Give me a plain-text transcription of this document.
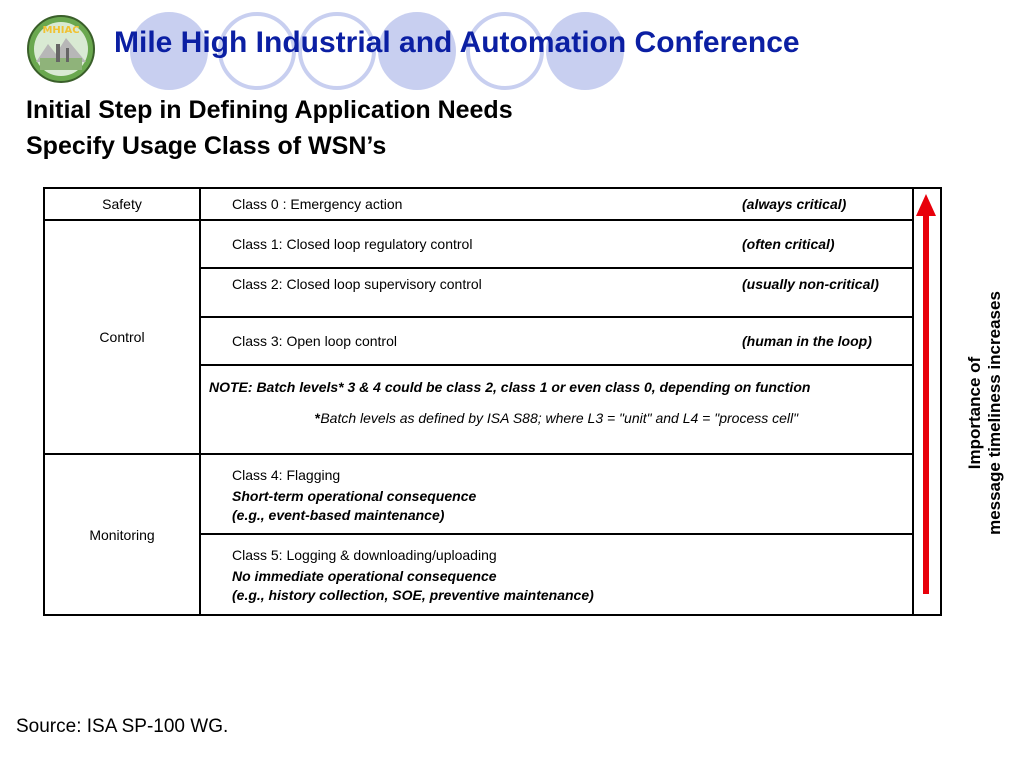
MHIAC Mile High Industrial and Automation Conference
Initial Step in Defining Application Needs
Specify Usage Class of WSN’s
Safety	Class 0 : Emergency action (always critical)	

Control	Class 1: Closed loop regulatory control (often critical)	

	Class 2: Closed loop supervisory control (usually non-critical)	

	Class 3: Open loop control (human in the loop)	

	NOTE: Batch levels* 3 & 4 could be class 2, class 1 or even class 0, depending on function
*Batch levels as defined by ISA S88; where L3 = "unit" and L4 = "process cell"	

Monitoring	Class 4: Flagging
Short-term operational consequence
(e.g., event-based maintenance)	

	Class 5: Logging & downloading/uploading
No immediate operational consequence
(e.g., history collection, SOE, preventive maintenance)	
Importance of message timeliness increases
Source: ISA SP-100 WG.
